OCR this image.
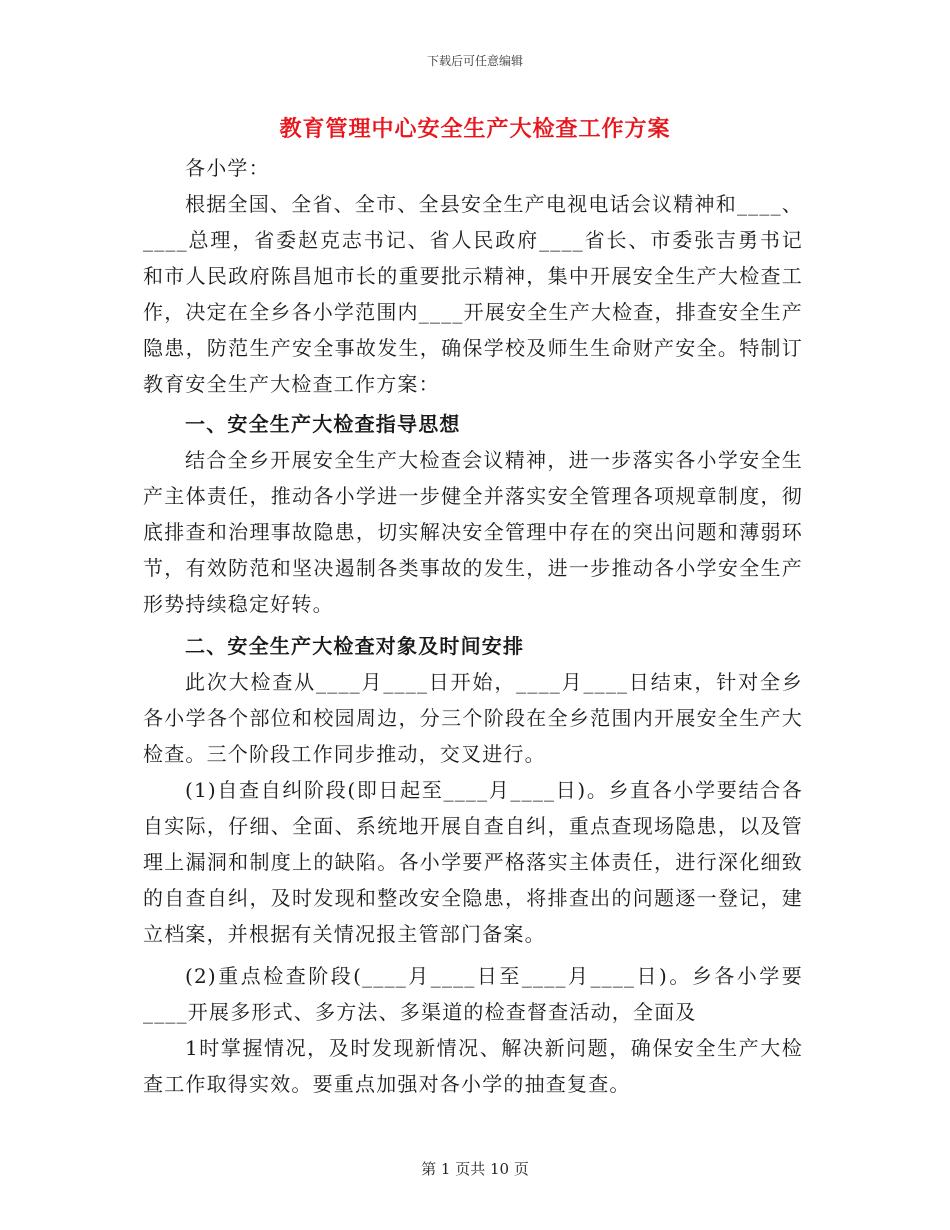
下载后可任意编辑
教育管理中心安全生产大检查工作方案

各小学：

根据全国、全省、全市、全县安全生产电视电话会议精神和____、____总理，省委赵克志书记、省人民政府____省长、市委张吉勇书记和市人民政府陈昌旭市长的重要批示精神，集中开展安全生产大检查工作，决定在全乡各小学范围内____开展安全生产大检查，排查安全生产隐患，防范生产安全事故发生，确保学校及师生生命财产安全。特制订教育安全生产大检查工作方案：

一、安全生产大检查指导思想

结合全乡开展安全生产大检查会议精神，进一步落实各小学安全生产主体责任，推动各小学进一步健全并落实安全管理各项规章制度，彻底排查和治理事故隐患，切实解决安全管理中存在的突出问题和薄弱环节，有效防范和坚决遏制各类事故的发生，进一步推动各小学安全生产形势持续稳定好转。

二、安全生产大检查对象及时间安排

此次大检查从____月____日开始，____月____日结束，针对全乡各小学各个部位和校园周边，分三个阶段在全乡范围内开展安全生产大检查。三个阶段工作同步推动，交叉进行。

(1)自查自纠阶段(即日起至____月____日)。乡直各小学要结合各自实际，仔细、全面、系统地开展自查自纠，重点查现场隐患，以及管理上漏洞和制度上的缺陷。各小学要严格落实主体责任，进行深化细致的自查自纠，及时发现和整改安全隐患，将排查出的问题逐一登记，建立档案，并根据有关情况报主管部门备案。

(2)重点检查阶段(____月____日至____月____日)。乡各小学要____开展多形式、多方法、多渠道的检查督查活动，全面及

1时掌握情况，及时发现新情况、解决新问题，确保安全生产大检查工作取得实效。要重点加强对各小学的抽查复查。

第 1 页共 10 页
